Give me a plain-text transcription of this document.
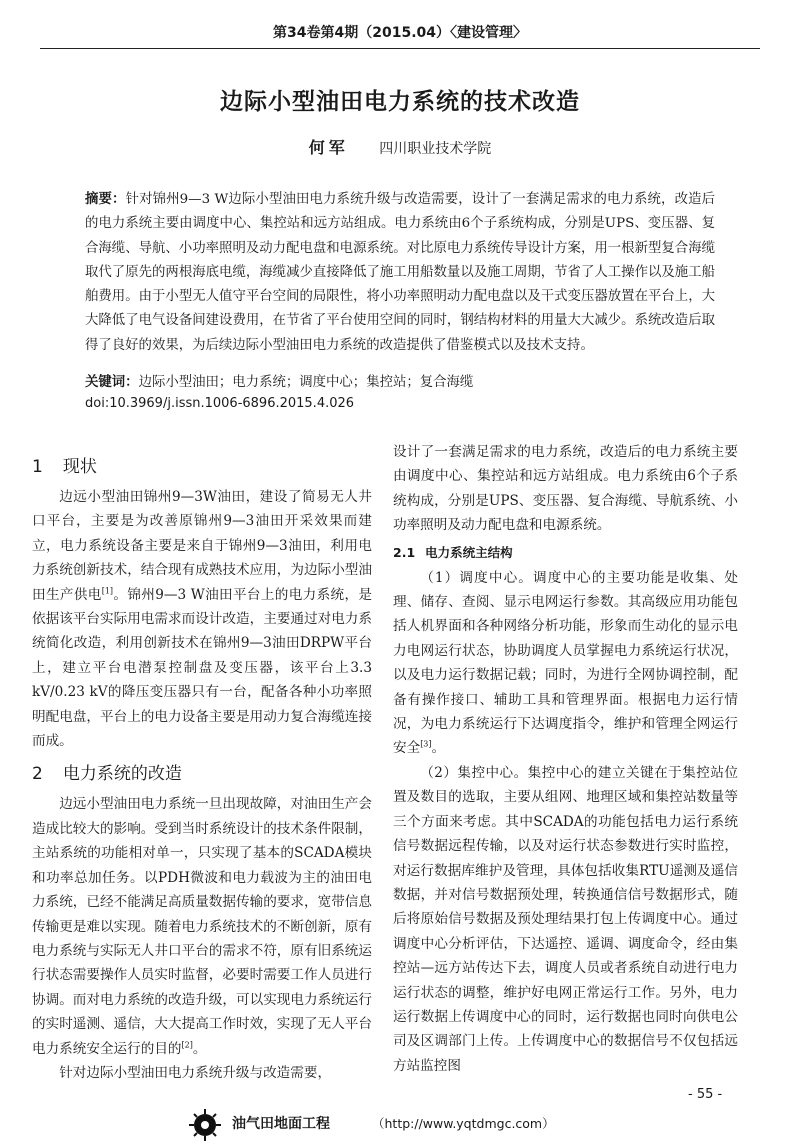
第34卷第4期（2015.04）〈建设管理〉
边际小型油田电力系统的技术改造
何军 四川职业技术学院
摘要：针对锦州9—3 W边际小型油田电力系统升级与改造需要，设计了一套满足需求的电力系统，改造后的电力系统主要由调度中心、集控站和远方站组成。电力系统由6个子系统构成，分别是UPS、变压器、复合海缆、导航、小功率照明及动力配电盘和电源系统。对比原电力系统传导设计方案，用一根新型复合海缆取代了原先的两根海底电缆，海缆减少直接降低了施工用船数量以及施工周期，节省了人工操作以及施工船舶费用。由于小型无人值守平台空间的局限性，将小功率照明动力配电盘以及干式变压器放置在平台上，大大降低了电气设备间建设费用，在节省了平台使用空间的同时，钢结构材料的用量大大减少。系统改造后取得了良好的效果，为后续边际小型油田电力系统的改造提供了借鉴模式以及技术支持。
关键词：边际小型油田；电力系统；调度中心；集控站；复合海缆
doi:10.3969/j.issn.1006-6896.2015.4.026
1 现状

边远小型油田锦州9—3W油田，建设了简易无人井口平台，主要是为改善原锦州9—3油田开采效果而建立，电力系统设备主要是来自于锦州9—3油田，利用电力系统创新技术，结合现有成熟技术应用，为边际小型油田生产供电[1]。锦州9—3 W油田平台上的电力系统，是依据该平台实际用电需求而设计改造，主要通过对电力系统简化改造，利用创新技术在锦州9—3油田DRPW平台上，建立平台电潜泵控制盘及变压器，该平台上3.3 kV/0.23 kV的降压变压器只有一台，配备各种小功率照明配电盘，平台上的电力设备主要是用动力复合海缆连接而成。

2 电力系统的改造

边远小型油田电力系统一旦出现故障，对油田生产会造成比较大的影响。受到当时系统设计的技术条件限制，主站系统的功能相对单一，只实现了基本的SCADA模块和功率总加任务。以PDH微波和电力载波为主的油田电力系统，已经不能满足高质量数据传输的要求，宽带信息传输更是难以实现。随着电力系统技术的不断创新，原有电力系统与实际无人井口平台的需求不符，原有旧系统运行状态需要操作人员实时监督，必要时需要工作人员进行协调。而对电力系统的改造升级，可以实现电力系统运行的实时遥测、遥信，大大提高工作时效，实现了无人平台电力系统安全运行的目的[2]。

针对边际小型油田电力系统升级与改造需要，

设计了一套满足需求的电力系统，改造后的电力系统主要由调度中心、集控站和远方站组成。电力系统由6个子系统构成，分别是UPS、变压器、复合海缆、导航系统、小功率照明及动力配电盘和电源系统。

2.1 电力系统主结构

（1）调度中心。调度中心的主要功能是收集、处理、储存、查阅、显示电网运行参数。其高级应用功能包括人机界面和各种网络分析功能，形象而生动化的显示电力电网运行状态，协助调度人员掌握电力系统运行状况，以及电力运行数据记载；同时，为进行全网协调控制，配备有操作接口、辅助工具和管理界面。根据电力运行情况，为电力系统运行下达调度指令，维护和管理全网运行安全[3]。

（2）集控中心。集控中心的建立关键在于集控站位置及数目的选取，主要从组网、地理区域和集控站数量等三个方面来考虑。其中SCADA的功能包括电力运行系统信号数据远程传输，以及对运行状态参数进行实时监控，对运行数据库维护及管理，具体包括收集RTU遥测及遥信数据，并对信号数据预处理，转换通信信号数据形式，随后将原始信号数据及预处理结果打包上传调度中心。通过调度中心分析评估，下达遥控、遥调、调度命令，经由集控站—远方站传达下去，调度人员或者系统自动进行电力运行状态的调整，维护好电网正常运行工作。另外，电力运行数据上传调度中心的同时，运行数据也同时向供电公司及区调部门上传。上传调度中心的数据信号不仅包括远方站监控图

- 55 -
油气田地面工程	（http://www.yqtdmgc.com）
